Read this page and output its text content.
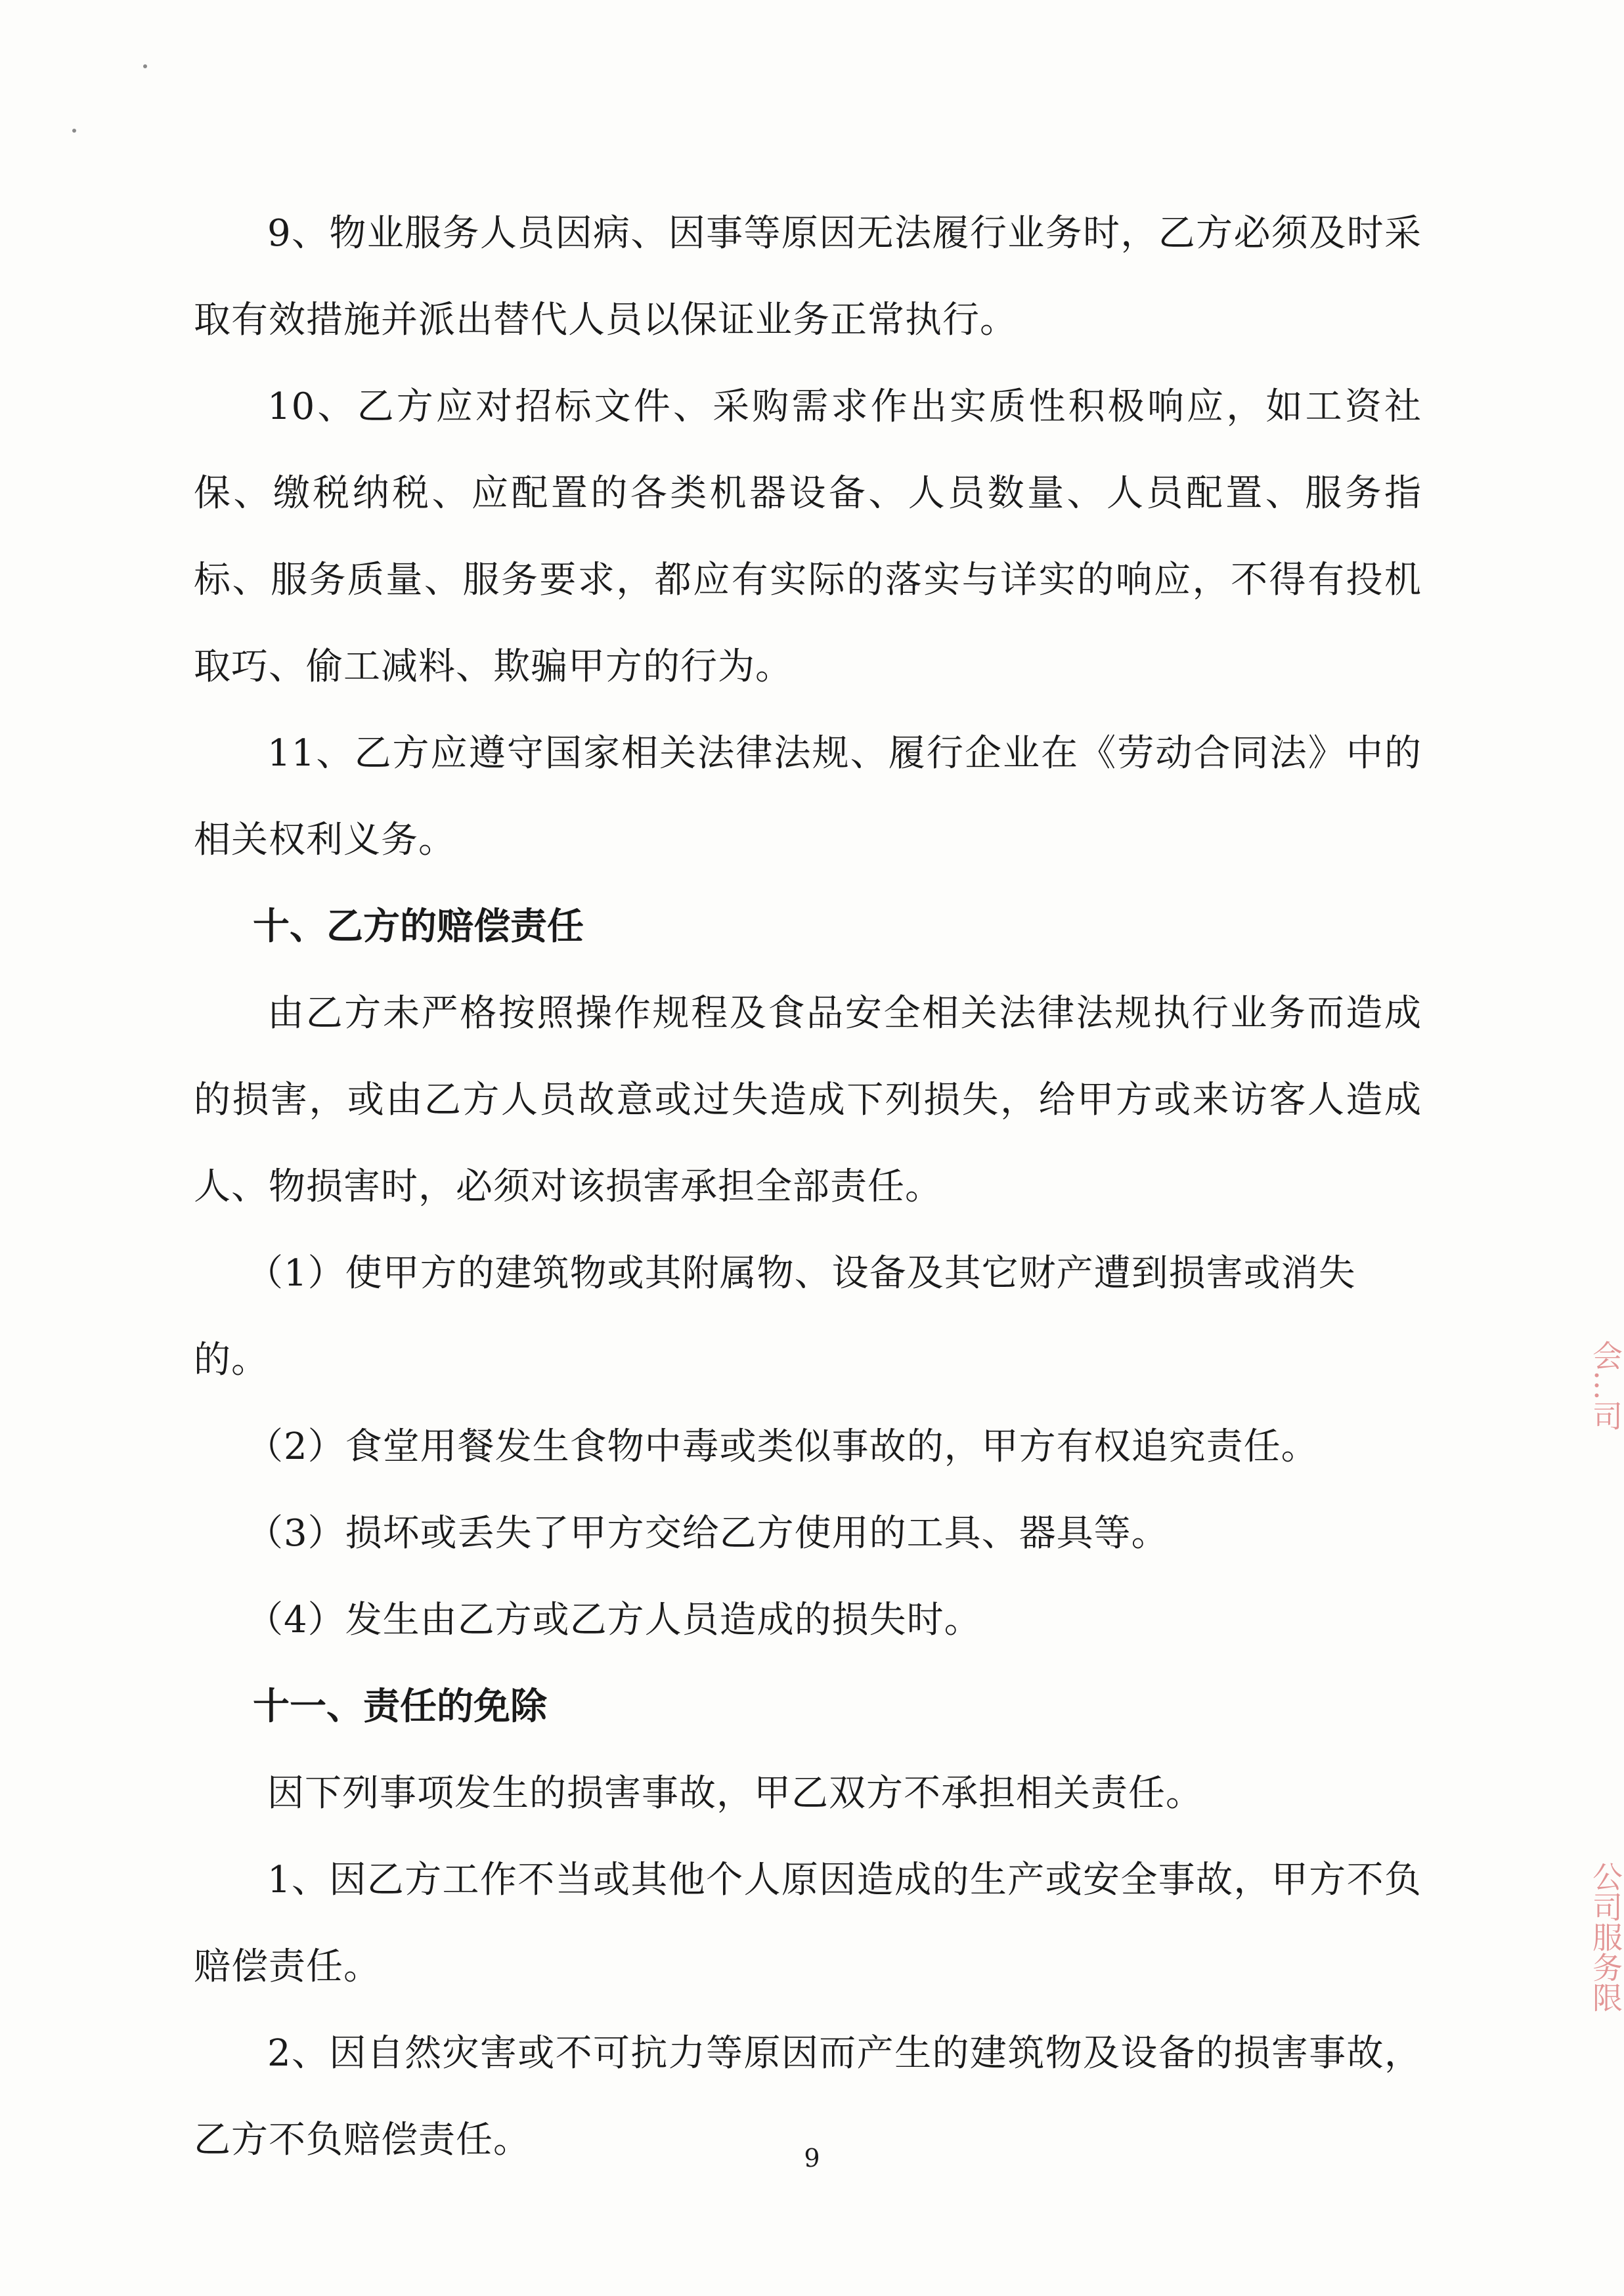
9、物业服务人员因病、因事等原因无法履行业务时，乙方必须及时采取有效措施并派出替代人员以保证业务正常执行。

10、乙方应对招标文件、采购需求作出实质性积极响应，如工资社保、缴税纳税、应配置的各类机器设备、人员数量、人员配置、服务指标、服务质量、服务要求，都应有实际的落实与详实的响应，不得有投机取巧、偷工减料、欺骗甲方的行为。

11、乙方应遵守国家相关法律法规、履行企业在《劳动合同法》中的相关权利义务。

十、乙方的赔偿责任

由乙方未严格按照操作规程及食品安全相关法律法规执行业务而造成的损害，或由乙方人员故意或过失造成下列损失，给甲方或来访客人造成人、物损害时，必须对该损害承担全部责任。

（1）使甲方的建筑物或其附属物、设备及其它财产遭到损害或消失的。

（2）食堂用餐发生食物中毒或类似事故的，甲方有权追究责任。

（3）损坏或丢失了甲方交给乙方使用的工具、器具等。

（4）发生由乙方或乙方人员造成的损失时。

十一、责任的免除

因下列事项发生的损害事故，甲乙双方不承担相关责任。

1、因乙方工作不当或其他个人原因造成的生产或安全事故，甲方不负赔偿责任。

2、因自然灾害或不可抗力等原因而产生的建筑物及设备的损害事故，乙方不负赔偿责任。

会…司
公司服务限
9
